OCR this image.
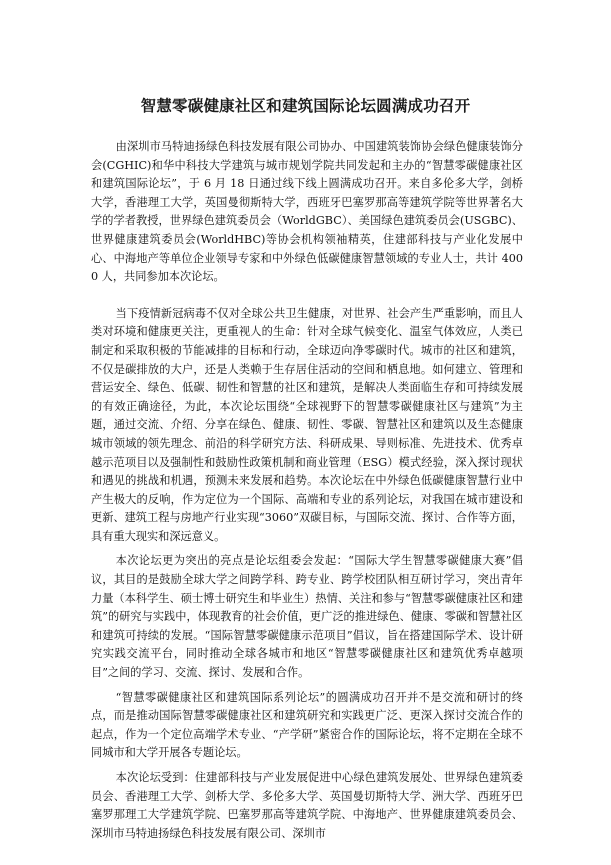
智慧零碳健康社区和建筑国际论坛圆满成功召开

由深圳市马特迪扬绿色科技发展有限公司协办、中国建筑装饰协会绿色健康装饰分会(CGHIC)和华中科技大学建筑与城市规划学院共同发起和主办的“智慧零碳健康社区和建筑国际论坛”，于 6 月 18 日通过线下线上圆满成功召开。来自多伦多大学，剑桥大学，香港理工大学，英国曼彻斯特大学，西班牙巴塞罗那高等建筑学院等世界著名大学的学者教授，世界绿色建筑委员会（WorldGBC）、美国绿色建筑委员会(USGBC)、世界健康建筑委员会(WorldHBC)等协会机构领袖精英，住建部科技与产业化发展中心、中海地产等单位企业领导专家和中外绿色低碳健康智慧领域的专业人士，共计 4000 人，共同参加本次论坛。

当下疫情新冠病毒不仅对全球公共卫生健康，对世界、社会产生严重影响，而且人类对环境和健康更关注，更重视人的生命：针对全球气候变化、温室气体效应，人类已制定和采取积极的节能减排的目标和行动，全球迈向净零碳时代。城市的社区和建筑，不仅是碳排放的大户，还是人类赖于生存居住活动的空间和栖息地。如何建立、管理和营运安全、绿色、低碳、韧性和智慧的社区和建筑，是解决人类面临生存和可持续发展的有效正确途径，为此，本次论坛围绕“全球视野下的智慧零碳健康社区与建筑”为主题，通过交流、介绍、分享在绿色、健康、韧性、零碳、智慧社区和建筑以及生态健康城市领域的领先理念、前沿的科学研究方法、科研成果、导则标准、先进技术、优秀卓越示范项目以及强制性和鼓励性政策机制和商业管理（ESG）模式经验，深入探讨现状和遇见的挑战和机遇，预测未来发展和趋势。本次论坛在中外绿色低碳健康智慧行业中产生极大的反响，作为定位为一个国际、高端和专业的系列论坛，对我国在城市建设和更新、建筑工程与房地产行业实现“3060”双碳目标，与国际交流、探讨、合作等方面，具有重大现实和深远意义。

本次论坛更为突出的亮点是论坛组委会发起：“国际大学生智慧零碳健康大赛”倡议，其目的是鼓励全球大学之间跨学科、跨专业、跨学校团队相互研讨学习，突出青年力量（本科学生、硕士博士研究生和毕业生）热情、关注和参与“智慧零碳健康社区和建筑”的研究与实践中，体现教育的社会价值，更广泛的推进绿色、健康、零碳和智慧社区和建筑可持续的发展。“国际智慧零碳健康示范项目”倡议，旨在搭建国际学术、设计研究实践交流平台，同时推动全球各城市和地区“智慧零碳健康社区和建筑优秀卓越项目”之间的学习、交流、探讨、发展和合作。

“智慧零碳健康社区和建筑国际系列论坛”的圆满成功召开并不是交流和研讨的终点，而是推动国际智慧零碳健康社区和建筑研究和实践更广泛、更深入探讨交流合作的起点，作为一个定位高端学术专业、“产学研”紧密合作的国际论坛，将不定期在全球不同城市和大学开展各专题论坛。

本次论坛受到：住建部科技与产业发展促进中心绿色建筑发展处、世界绿色建筑委员会、香港理工大学、剑桥大学、多伦多大学、英国曼切斯特大学、洲大学、西班牙巴塞罗那理工大学建筑学院、巴塞罗那高等建筑学院、中海地产、世界健康建筑委员会、深圳市马特迪扬绿色科技发展有限公司、深圳市
